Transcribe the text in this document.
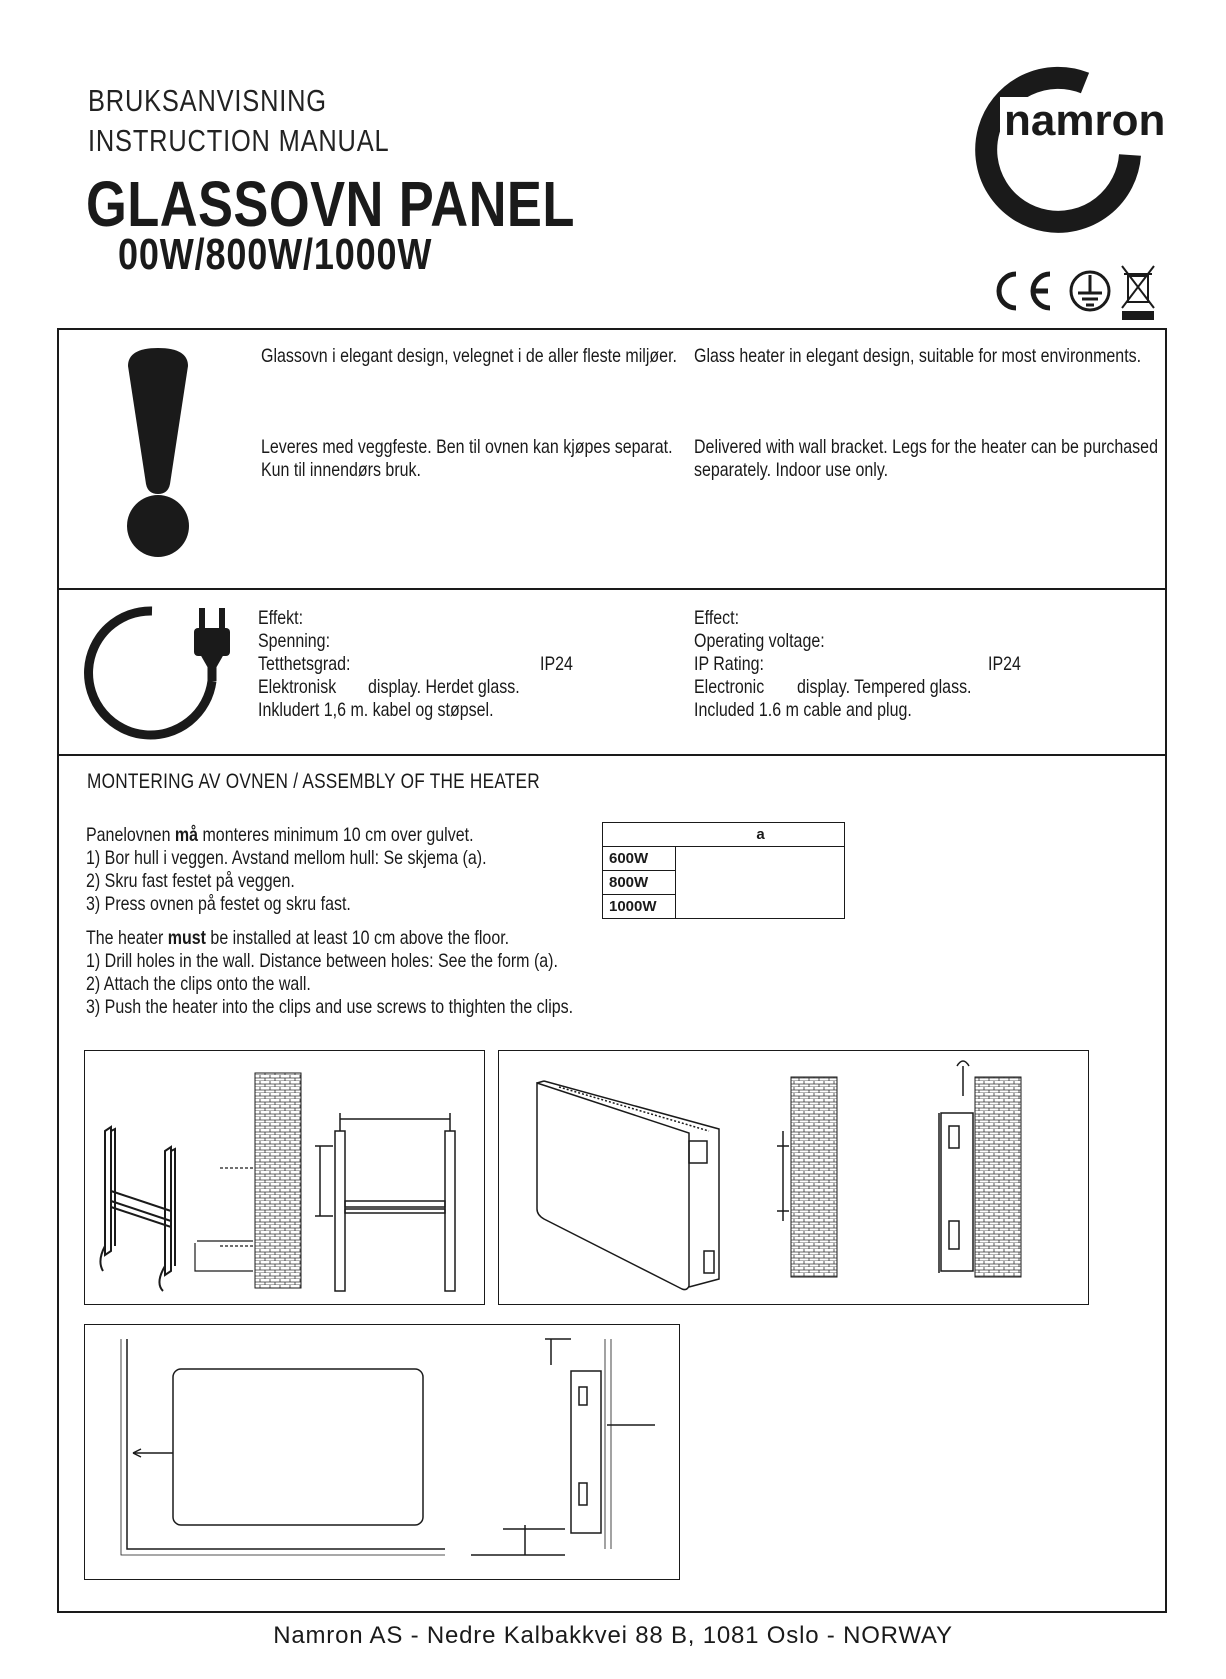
BRUKSANVISNING
INSTRUCTION MANUAL
GLASSOVN PANEL
00W/800W/1000W
namron
Glassovn i elegant design, velegnet i de aller fleste miljøer. Glass heater in elegant design, suitable for most environments.
Leveres med veggfeste. Ben til ovnen kan kjøpes separat.
Kun til innendørs bruk.
Delivered with wall bracket. Legs for the heater can be purchased
separately. Indoor use only.
Effekt:
Spenning:
Tetthetsgrad:	IP24
Elektronisk display. Herdet glass.
Inkludert 1,6 m. kabel og støpsel.
Effect:
Operating voltage:
IP Rating:	IP24
Electronic display. Tempered glass.
Included 1.6 m cable and plug.
MONTERING AV OVNEN / ASSEMBLY OF THE HEATER
Panelovnen må monteres minimum 10 cm over gulvet.
1) Bor hull i veggen. Avstand mellom hull: Se skjema (a).
2) Skru fast festet på veggen.
3) Press ovnen på festet og skru fast.
The heater must be installed at least 10 cm above the floor.
1) Drill holes in the wall. Distance between holes: See the form (a).
2) Attach the clips onto the wall.
3) Push the heater into the clips and use screws to thighten the clips.
a	
600W	
800W	
1000W	
Namron AS - Nedre Kalbakkvei 88 B, 1081 Oslo - NORWAY
